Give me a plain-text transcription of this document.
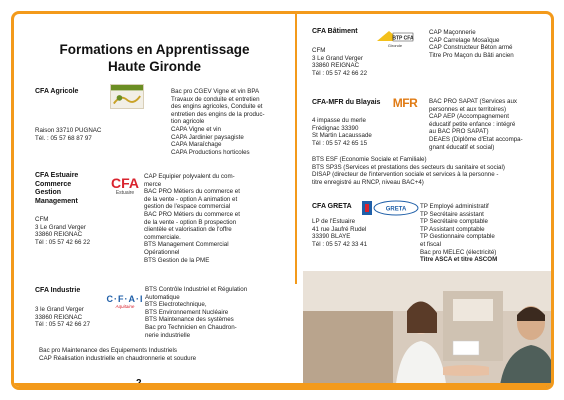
Formations en Apprentissage
Haute Gironde
CFA Agricole	Bac pro CGEV Vigne et vin BPA
Travaux de conduite et entretien
des engins agricoles, Conduite et
entretien des engins de la produc-
tion agricole
CAPA Vigne et vin
CAPA Jardinier paysagiste
CAPA Maraîchage
CAPA Productions horticoles
Raison 33710 PUGNAC
Tél. : 05 57 68 87 97
CFA Estuaire
Commerce
Gestion
Management
CFA
Estuaire
CAP Equipier polyvalent du com-
merce
BAC PRO Métiers du commerce et
de la vente - option A animation et
gestion de l'espace commercial
BAC PRO Métiers du commerce et
de la vente - option B prospection
clientèle et valorisation de l'offre
commerciale.
BTS Management Commercial
Opérationnel
BTS Gestion de la PME
CFM
3 Le Grand Verger
33860 REIGNAC
Tél : 05 57 42 66 22
CFA Industrie
C·F·A·I
Aquitaine
BTS Contrôle Industriel et Régulation
Automatique
BTS Electrotechnique,
BTS Environnement Nucléaire
BTS Maintenance des systèmes
Bac pro Technicien en Chaudron-
nerie industrielle
3 le Grand Verger
33860 REIGNAC
Tél : 05 57 42 66 27
Bac pro Maintenance des Equipements Industriels
CAP Réalisation industrielle en chaudronnerie et soudure
CFA Bâtiment
BTP CFA
Gironde
CAP Maçonnerie
CAP Carrelage Mosaïque
CAP Constructeur Béton armé
Titre Pro Maçon du Bâti ancien
CFM
3 Le Grand Verger
33860 REIGNAC
Tél : 05 57 42 66 22
CFA-MFR du Blayais MFR BAC PRO SAPAT (Services aux
personnes et aux territoires)
CAP AEP (Accompagnement
éducatif petite enfance : intégré
au BAC PRO SAPAT)
DEAES (Diplôme d'Etat accompa-
gnant éducatif et social)
4 impasse du merle
Frédignac 33390
St Martin Lacaussade
Tél : 05 57 42 65 15
BTS ESF (Economie Sociale et Familiale)
BTS SP3S (Services et prestations des secteurs du sanitaire et social)
DISAP (directeur de l'intervention sociale et services à la personne -
titre enregistré au RNCP, niveau BAC+4)
CFA GRETA	GRETA TP Employé administratif
TP Secrétaire assistant
TP Secrétaire comptable
TP Assistant comptable
TP Gestionnaire comptable
et fiscal
Bac pro MELEC (électricité)
Titre ASCA et titre ASCOM
LP de l'Estuaire
41 rue Jaufré Rudel
33390 BLAYE
Tél : 05 57 42 33 41
